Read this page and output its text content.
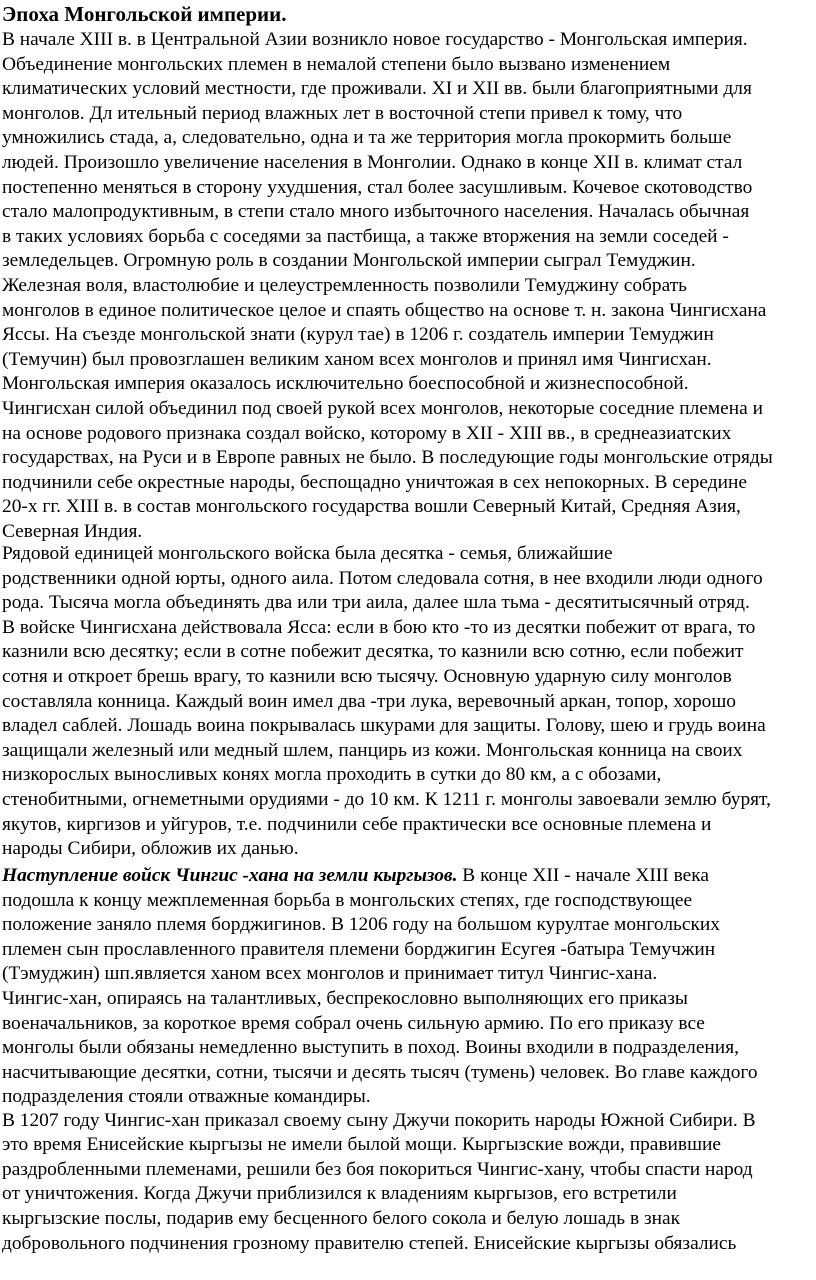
Эпоха Монгольской империи.
В начале XIII в. в Центральной Азии возникло новое государство - Монгольская империя.
Объединение монгольских племен в немалой степени было вызвано изменением
климатических условий местности, где проживали. XI и XII вв. были благоприятными для
монголов. Дл ительный период влажных лет в восточной степи привел к тому, что
умножились стада, а, следовательно, одна и та же территория могла прокормить больше
людей. Произошло увеличение населения в Монголии. Однако в конце XII в. климат стал
постепенно меняться в сторону ухудшения, стал более засушливым. Кочевое скотоводство
стало малопродуктивным, в степи стало много избыточного населения. Началась обычная
в таких условиях борьба с соседями за пастбища, а также вторжения на земли соседей -
земледельцев. Огромную роль в создании Монгольской империи сыграл Темуджин.
Железная воля, властолюбие и целеустремленность позволили Темуджину собрать
монголов в единое политическое целое и спаять общество на основе т. н. закона Чингисхана
Яссы. На съезде монгольской знати (курул тае) в 1206 г. создатель империи Темуджин
(Темучин) был провозглашен великим ханом всех монголов и принял имя Чингисхан.
Монгольская империя оказалось исключительно боеспособной и жизнеспособной.
Чингисхан силой объединил под своей рукой всех монголов, некоторые соседние племена и
на основе родового признака создал войско, которому в XII - XIII вв., в среднеазиатских
государствах, на Руси и в Европе равных не было. В последующие годы монгольские отряды
подчинили себе окрестные народы, беспощадно уничтожая в сех непокорных. В середине
20-х гг. XIII в. в состав монгольского государства вошли Северный Китай, Средняя Азия,
Северная Индия.
Рядовой единицей монгольского войска была десятка - семья, ближайшие
родственники одной юрты, одного аила. Потом следовала сотня, в нее входили люди одного
рода. Тысяча могла объединять два или три аила, далее шла тьма - десятитысячный отряд.
В войске Чингисхана действовала Ясса: если в бою кто -то из десятки побежит от врага, то
казнили всю десятку; если в сотне побежит десятка, то казнили всю сотню, если побежит
сотня и откроет брешь врагу, то казнили всю тысячу. Основную ударную силу монголов
составляла конница. Каждый воин имел два -три лука, веревочный аркан, топор, хорошо
владел саблей. Лошадь воина покрывалась шкурами для защиты. Голову, шею и грудь воина
защищали железный или медный шлем, панцирь из кожи. Монгольская конница на своих
низкорослых выносливых конях могла проходить в сутки до 80 км, а с обозами,
стенобитными, огнеметными орудиями - до 10 км. К 1211 г. монголы завоевали землю бурят,
якутов, киргизов и уйгуров, т.е. подчинили себе практически все основные племена и
народы Сибири, обложив их данью.
Наступление войск Чингис -хана на земли кыргызов. В конце XII - начале XIII века
подошла к концу межплеменная борьба в монгольских степях, где господствующее
положение заняло племя борджигинов. В 1206 году на большом курултае монгольских
племен сын прославленного правителя племени борджигин Есугея -батыра Темучжин
(Тэмуджин) шп.является ханом всех монголов и принимает титул Чингис-хана.
Чингис-хан, опираясь на талантливых, беспрекословно выполняющих его приказы
военачальников, за короткое время собрал очень сильную армию. По его приказу все
монголы были обязаны немедленно выступить в поход. Воины входили в подразделения,
насчитывающие десятки, сотни, тысячи и десять тысяч (тумень) человек. Во главе каждого
подразделения стояли отважные командиры.
В 1207 году Чингис-хан приказал своему сыну Джучи покорить народы Южной Сибири. В
это время Енисейские кыргызы не имели былой мощи. Кыргызские вожди, правившие
раздробленными племенами, решили без боя покориться Чингис-хану, чтобы спасти народ
от уничтожения. Когда Джучи приблизился к владениям кыргызов, его встретили
кыргызские послы, подарив ему бесценного белого сокола и белую лошадь в знак
добровольного подчинения грозному правителю степей. Енисейские кыргызы обязались
